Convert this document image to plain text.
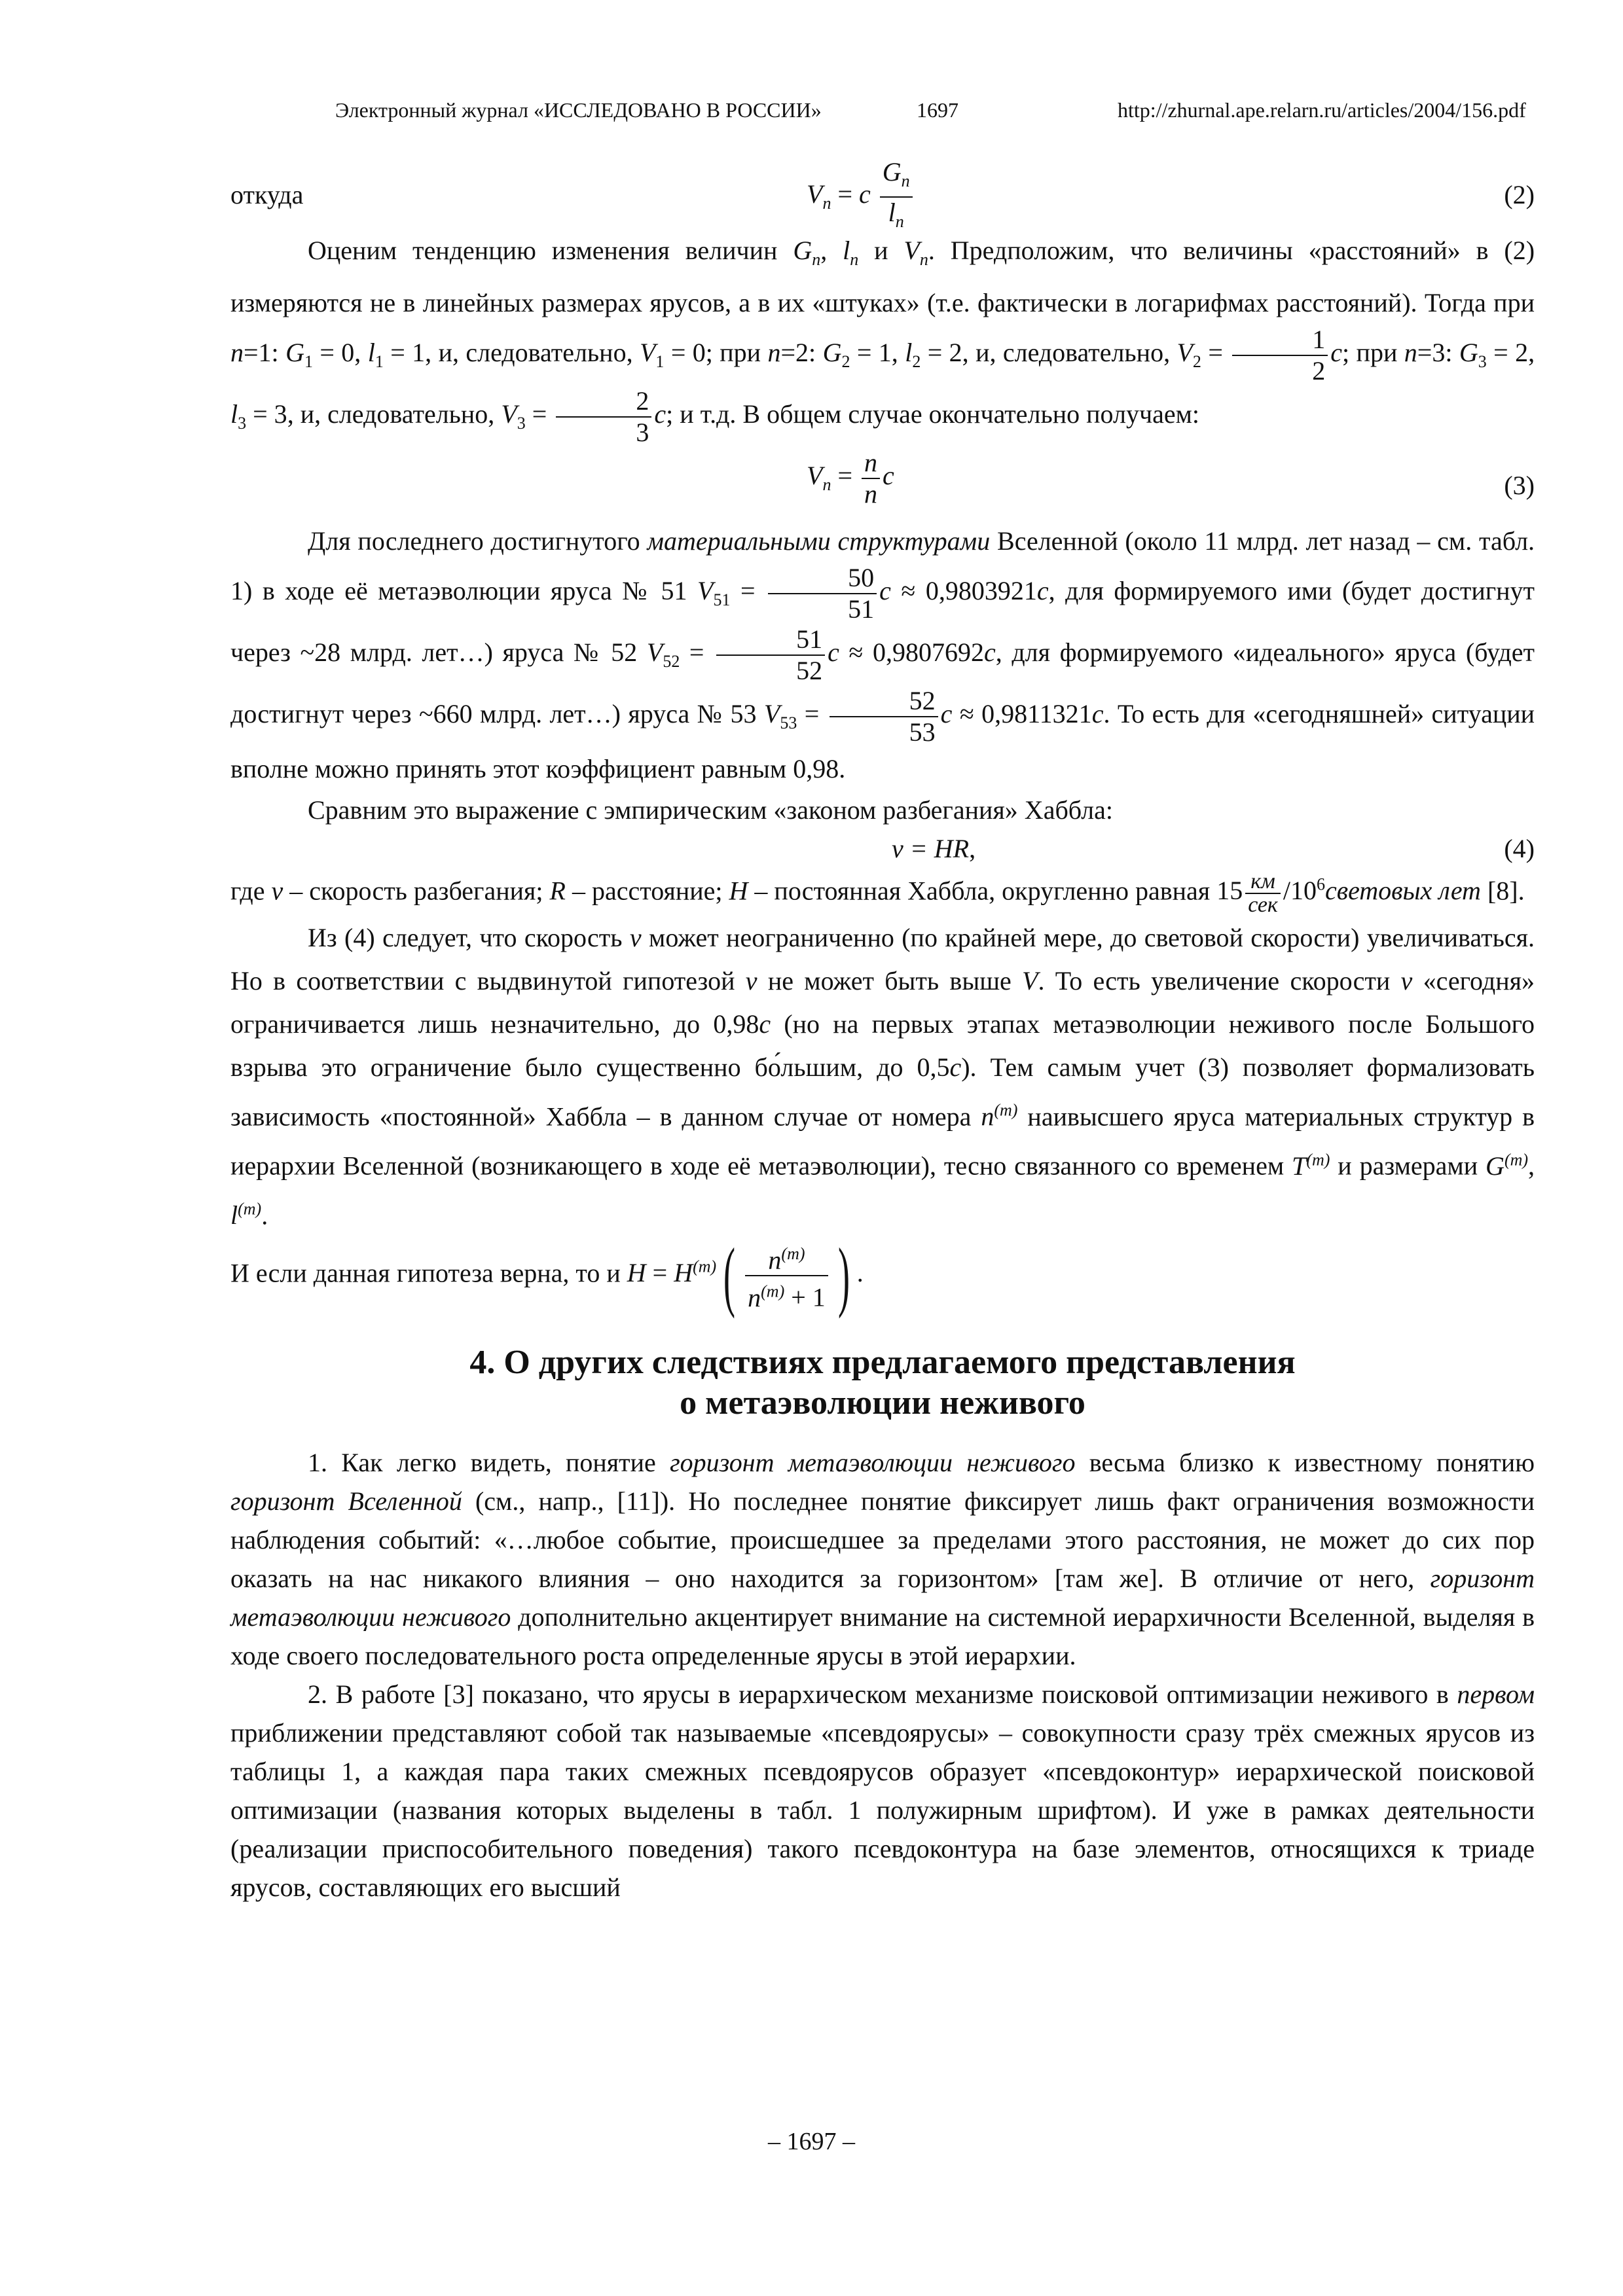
Электронный журнал «ИССЛЕДОВАНО В РОССИИ»	1697	http://zhurnal.ape.relarn.ru/articles/2004/156.pdf
откуда	$V_n = c \frac{G_n}{l_n}$	(2)

Оценим тенденцию изменения величин $G_n$, $l_n$ и $V_n$. Предположим, что величины «расстояний» в (2) измеряются не в линейных размерах ярусов, а в их «штуках» (т.е. фактически в логарифмах расстояний). Тогда при n=1: $G_1 = 0$, $l_1 = 1$, и, следовательно, $V_1 = 0$; при n=2: $G_2 = 1$, $l_2 = 2$, и, следовательно, $V_2 = \frac{1}{2} c$; при n=3: $G_3 = 2$, $l_3 = 3$, и, следовательно, $V_3 = \frac{2}{3} c$; и т.д. В общем случае окончательно получаем:

$V_n = \frac{n}{n}$ c	(3)

Для последнего достигнутого материальными структурами Вселенной (около 11 млрд. лет назад – см. табл. 1) в ходе её метаэволюции яруса № 51 $V_{51} = \frac{50}{51}$ c ≈ 0,9803921c, для формируемого ими (будет достигнут через ~28 млрд. лет…) яруса № 52 $V_{52} = \frac{51}{52}$ c ≈ 0,9807692c, для формируемого «идеального» яруса (будет достигнут через ~660 млрд. лет…) яруса № 53 $V_{53} = \frac{52}{53}$ c ≈ 0,9811321c. То есть для «сегодняшней» ситуации вполне можно принять этот коэффициент равным 0,98.

Сравним это выражение с эмпирическим «законом разбегания» Хаббла:

v = HR,	(4)

где v – скорость разбегания; R – расстояние; H – постоянная Хаббла, округленно равная $15 \frac{км}{\text{сек}}$ $/10^6световых$ лет [8].

Из (4) следует, что скорость v может неограниченно (по крайней мере, до световой скорости) увеличиваться. Но в соответствии с выдвинутой гипотезой v не может быть выше V. То есть увеличение скорости v «сегодня» ограничивается лишь незначительно, до 0,98c (но на первых этапах метаэволюции неживого после Большого взрыва это ограничение было существенно бо́льшим, до 0,5c). Тем самым учет (3) позволяет формализовать зависимость «постоянной» Хаббла – в данном случае от номера $n^{(m)}$ наивысшего яруса материальных структур в иерархии Вселенной (возникающего в ходе её метаэволюции), тесно связанного со временем $T^{(m)}$ и размерами $G^{(m)}$, $l^{(m)}$.

И если данная гипотеза верна, то и $H = H^{(m)}( \frac{n^{(m)}}{n^{(m)} + 1}$ ) .

4. О других следствиях предлагаемого представления
о метаэволюции неживого

1. Как легко видеть, понятие горизонт метаэволюции неживого весьма близко к известному понятию горизонт Вселенной (см., напр., [11]). Но последнее понятие фиксирует лишь факт ограничения возможности наблюдения событий: «…любое событие, происшедшее за пределами этого расстояния, не может до сих пор оказать на нас никакого влияния – оно находится за горизонтом» [там же]. В отличие от него, горизонт метаэволюции неживого дополнительно акцентирует внимание на системной иерархичности Вселенной, выделяя в ходе своего последовательного роста определенные ярусы в этой иерархии.

2. В работе [3] показано, что ярусы в иерархическом механизме поисковой оптимизации неживого в первом приближении представляют собой так называемые «псевдоярусы» – совокупности сразу трёх смежных ярусов из таблицы 1, а каждая пара таких смежных псевдоярусов образует «псевдоконтур» иерархической поисковой оптимизации (названия которых выделены в табл. 1 полужирным шрифтом). И уже в рамках деятельности (реализации приспособительного поведения) такого псевдоконтура на базе элементов, относящихся к триаде ярусов, составляющих его высший

– 1697 –
